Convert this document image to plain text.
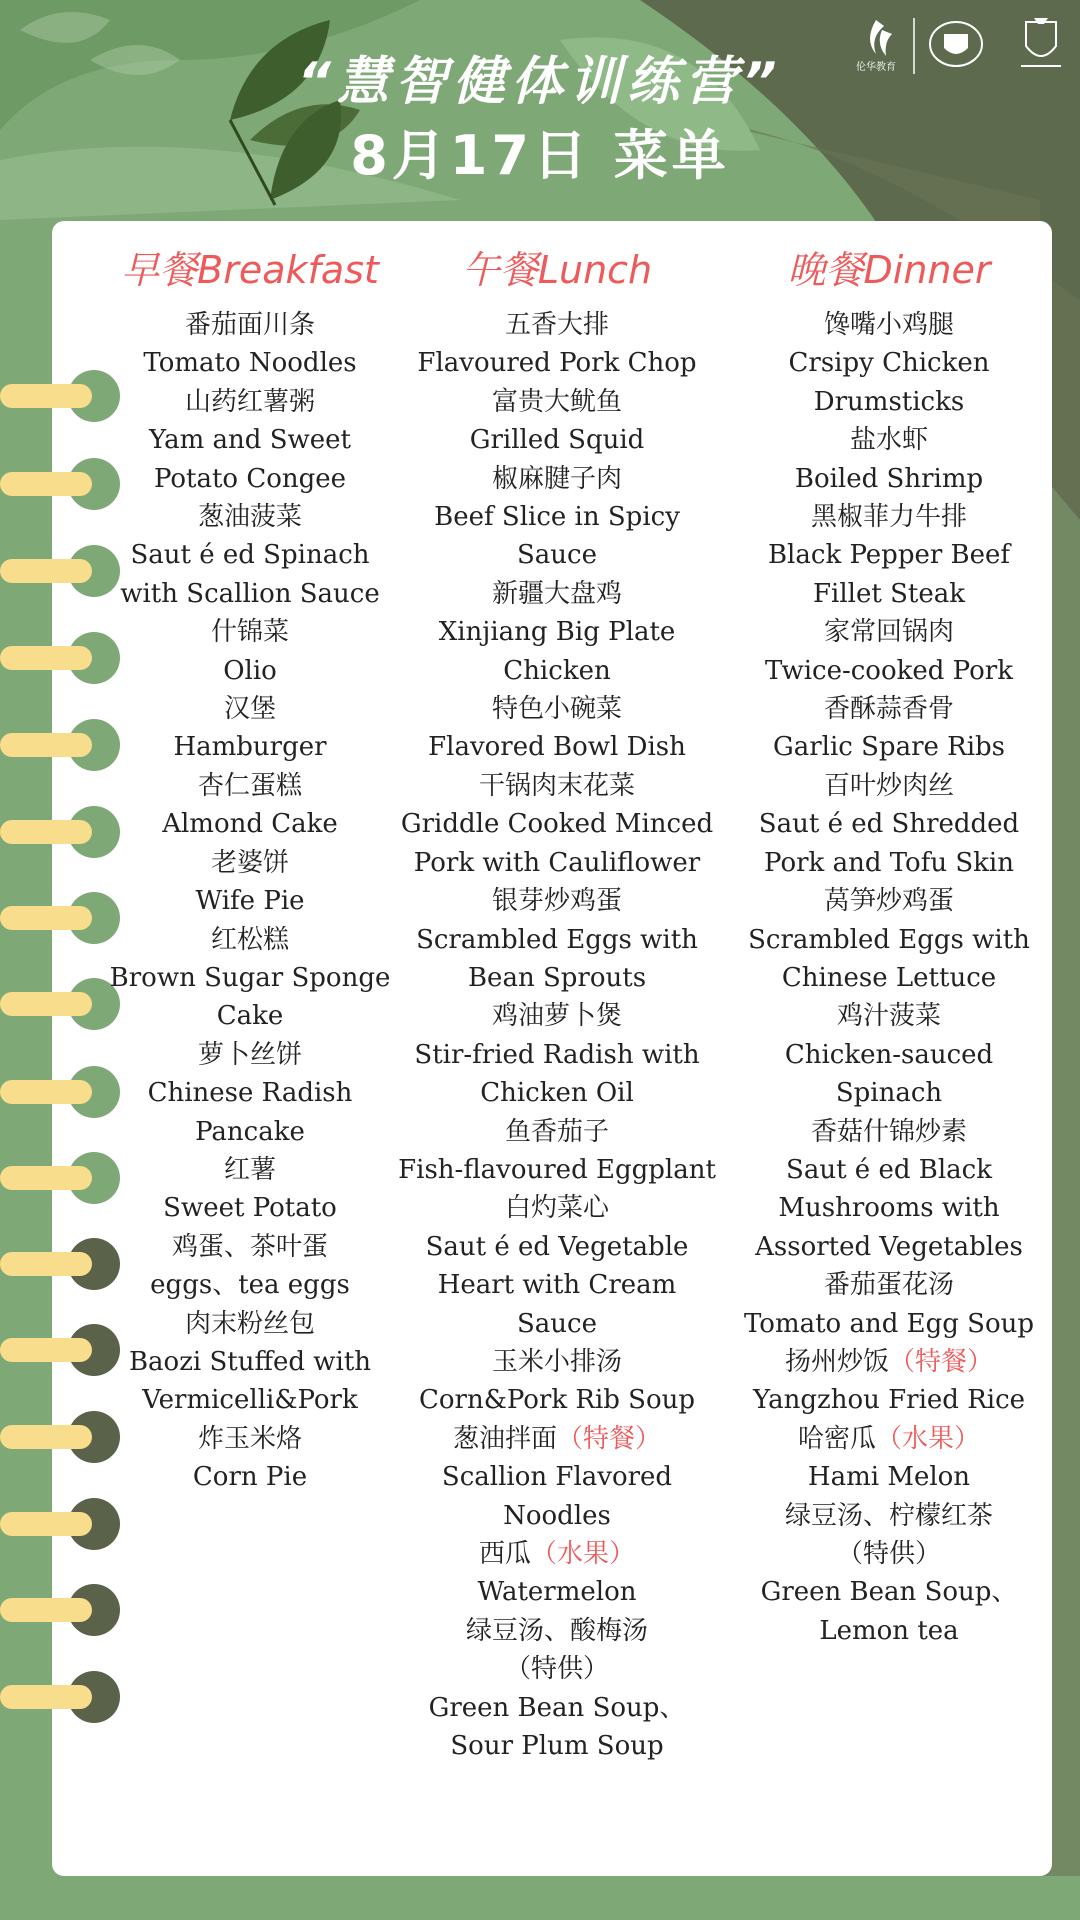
伦华教育
“慧智健体训练营”
8月17日 菜单
早餐Breakfast
番茄面川条
Tomato Noodles
山药红薯粥
Yam and Sweet
Potato Congee
葱油菠菜
Saut é ed Spinach
with Scallion Sauce
什锦菜
Olio
汉堡
Hamburger
杏仁蛋糕
Almond Cake
老婆饼
Wife Pie
红松糕
Brown Sugar Sponge
Cake
萝卜丝饼
Chinese Radish
Pancake
红薯
Sweet Potato
鸡蛋、茶叶蛋
eggs、tea eggs
肉末粉丝包
Baozi Stuffed with
Vermicelli&Pork
炸玉米烙
Corn Pie
午餐Lunch
五香大排
Flavoured Pork Chop
富贵大鱿鱼
Grilled Squid
椒麻腱子肉
Beef Slice in Spicy
Sauce
新疆大盘鸡
Xinjiang Big Plate
Chicken
特色小碗菜
Flavored Bowl Dish
干锅肉末花菜
Griddle Cooked Minced
Pork with Cauliflower
银芽炒鸡蛋
Scrambled Eggs with
Bean Sprouts
鸡油萝卜煲
Stir-fried Radish with
Chicken Oil
鱼香茄子
Fish-flavoured Eggplant
白灼菜心
Saut é ed Vegetable
Heart with Cream
Sauce
玉米小排汤
Corn&Pork Rib Soup
葱油拌面（特餐）
Scallion Flavored
Noodles
西瓜（水果）
Watermelon
绿豆汤、酸梅汤
（特供）
Green Bean Soup、
Sour Plum Soup
晚餐Dinner
馋嘴小鸡腿
Crsipy Chicken
Drumsticks
盐水虾
Boiled Shrimp
黑椒菲力牛排
Black Pepper Beef
Fillet Steak
家常回锅肉
Twice-cooked Pork
香酥蒜香骨
Garlic Spare Ribs
百叶炒肉丝
Saut é ed Shredded
Pork and Tofu Skin
莴笋炒鸡蛋
Scrambled Eggs with
Chinese Lettuce
鸡汁菠菜
Chicken-sauced
Spinach
香菇什锦炒素
Saut é ed Black
Mushrooms with
Assorted Vegetables
番茄蛋花汤
Tomato and Egg Soup
扬州炒饭（特餐）
Yangzhou Fried Rice
哈密瓜（水果）
Hami Melon
绿豆汤、柠檬红茶
（特供）
Green Bean Soup、
Lemon tea
